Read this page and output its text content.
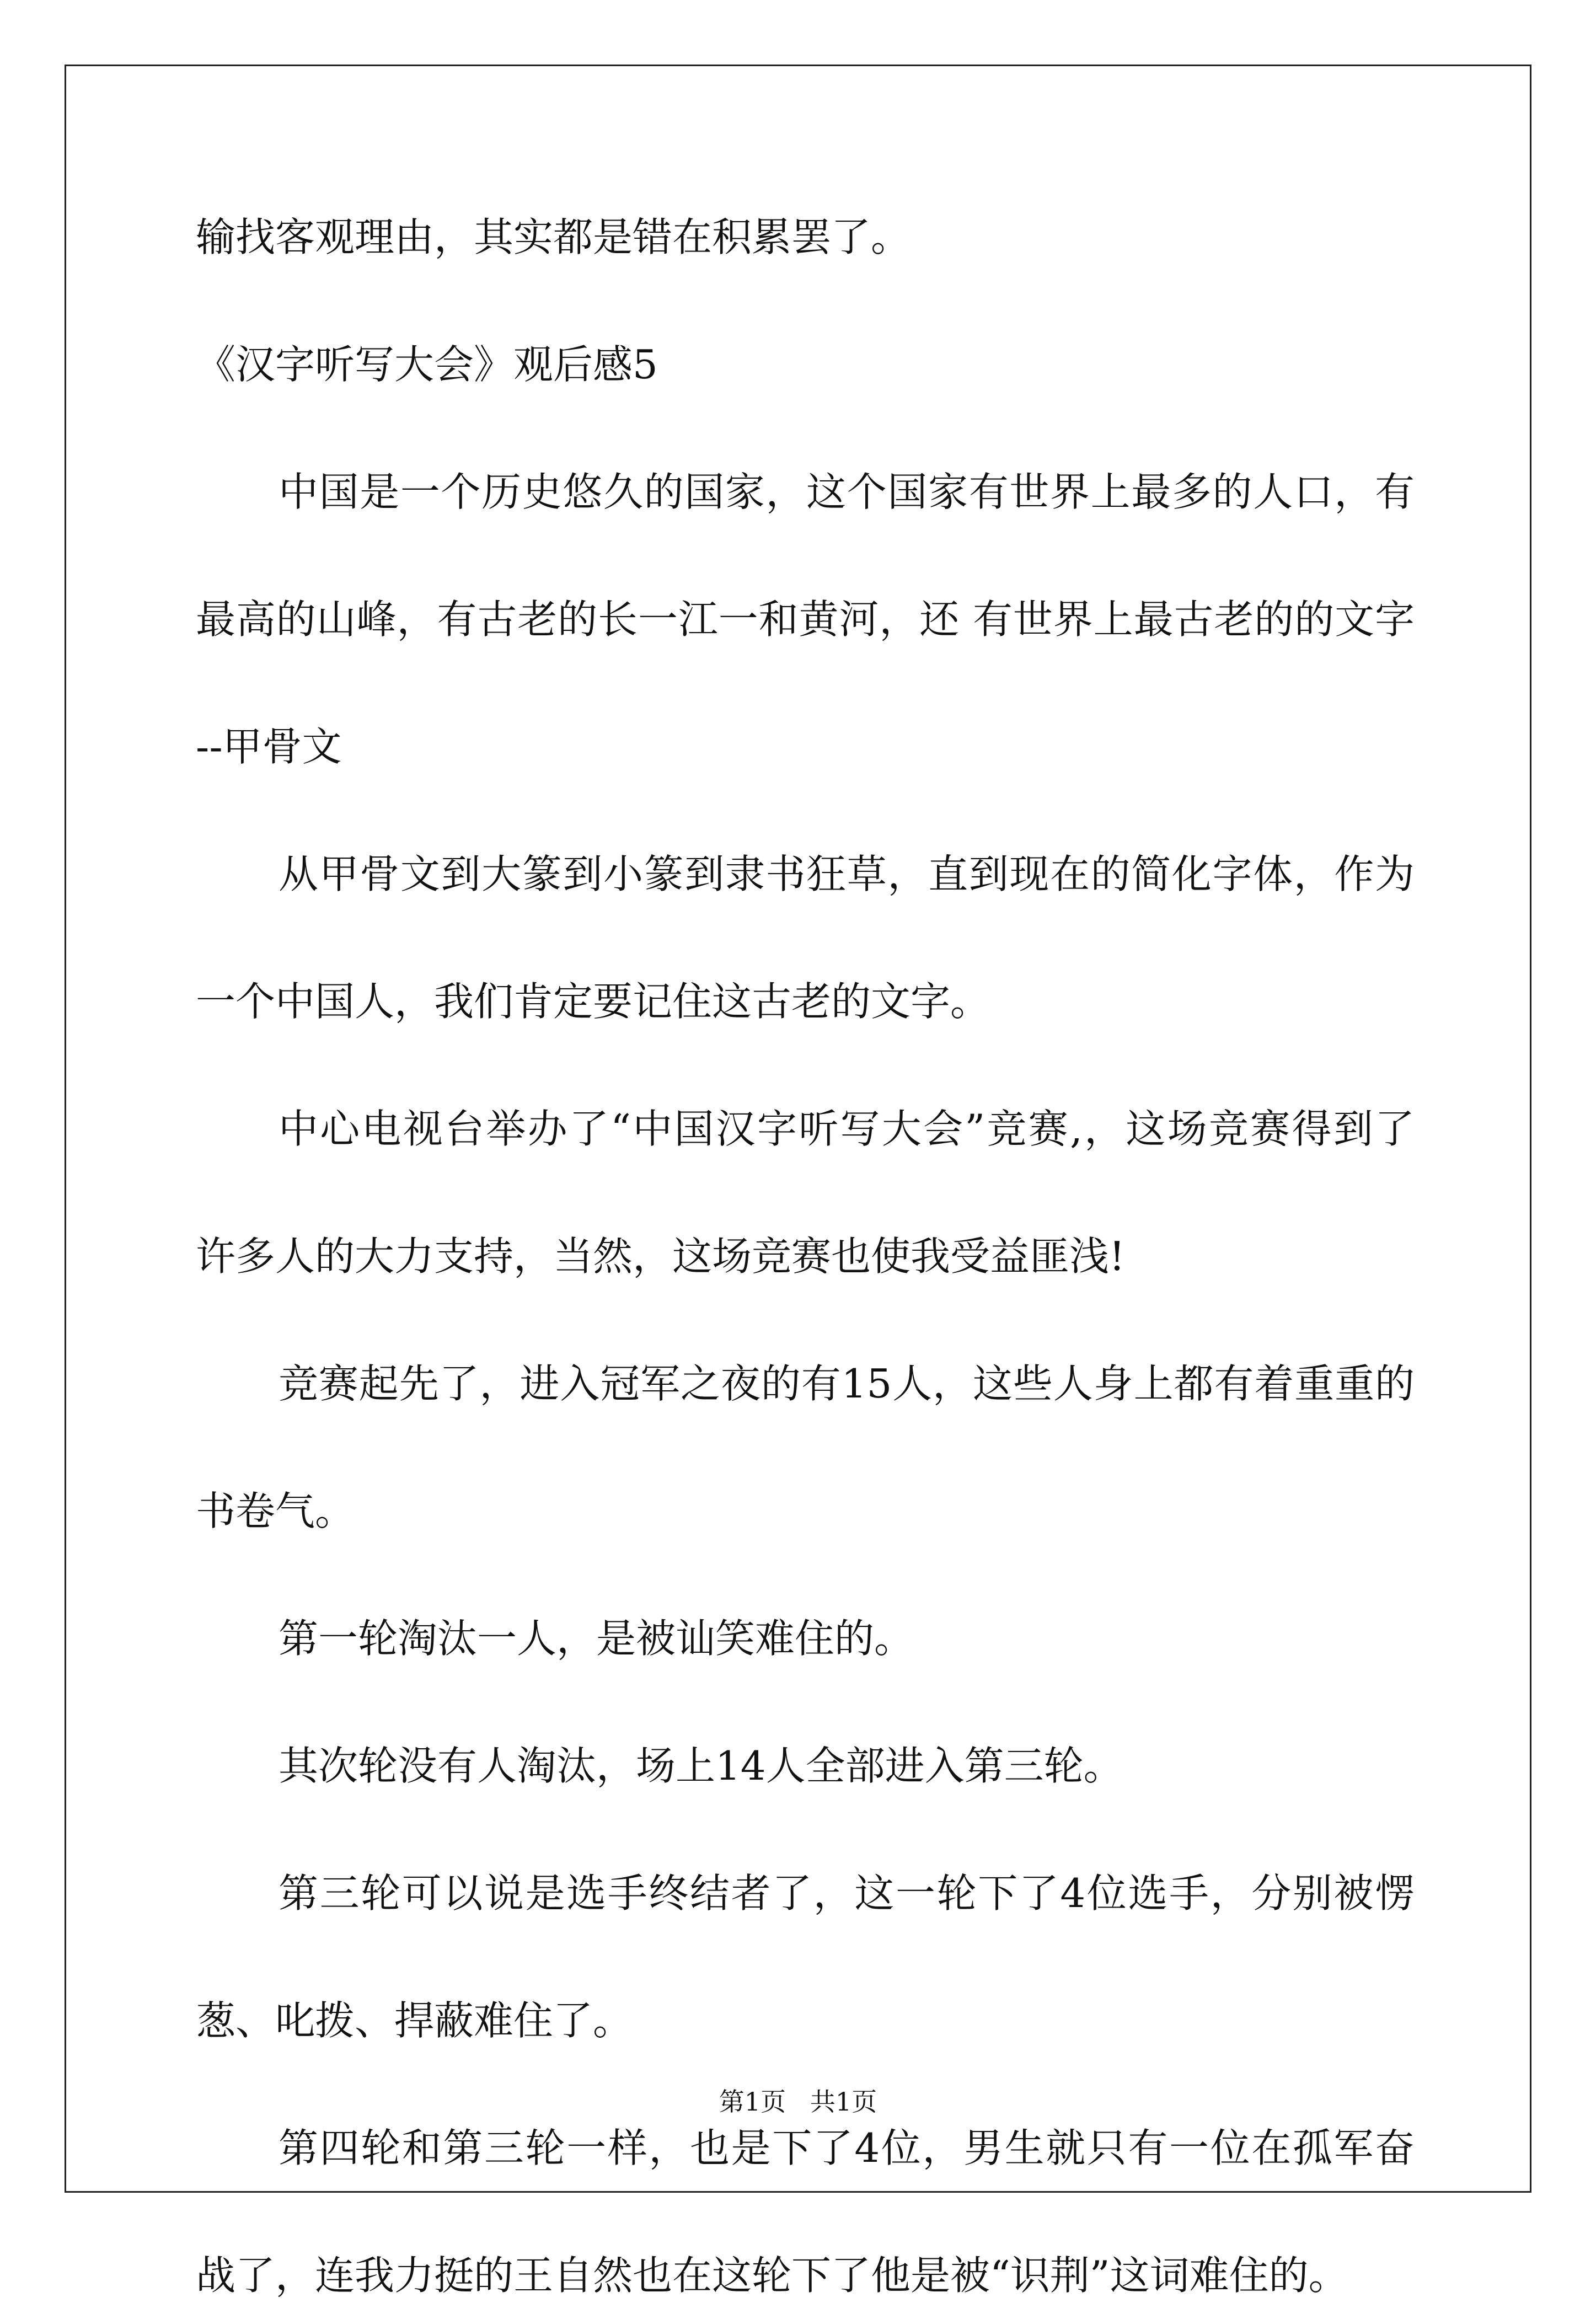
输找客观理由，其实都是错在积累罢了。

《汉字听写大会》观后感5

中国是一个历史悠久的国家，这个国家有世界上最多的人口，有

最高的山峰，有古老的长一江一和黄河，还 有世界上最古老的的文字

--甲骨文

从甲骨文到大篆到小篆到隶书狂草，直到现在的简化字体，作为

一个中国人，我们肯定要记住这古老的文字。

中心电视台举办了“中国汉字听写大会”竞赛,，这场竞赛得到了

许多人的大力支持，当然，这场竞赛也使我受益匪浅!

竞赛起先了，进入冠军之夜的有15人，这些人身上都有着重重的

书卷气。

第一轮淘汰一人，是被讪笑难住的。

其次轮没有人淘汰，场上14人全部进入第三轮。

第三轮可以说是选手终结者了，这一轮下了4位选手，分别被愣

葱、叱拨、捍蔽难住了。

第四轮和第三轮一样，也是下了4位，男生就只有一位在孤军奋

战了，连我力挺的王自然也在这轮下了他是被“识荆”这词难住的。

第1页   共1页
